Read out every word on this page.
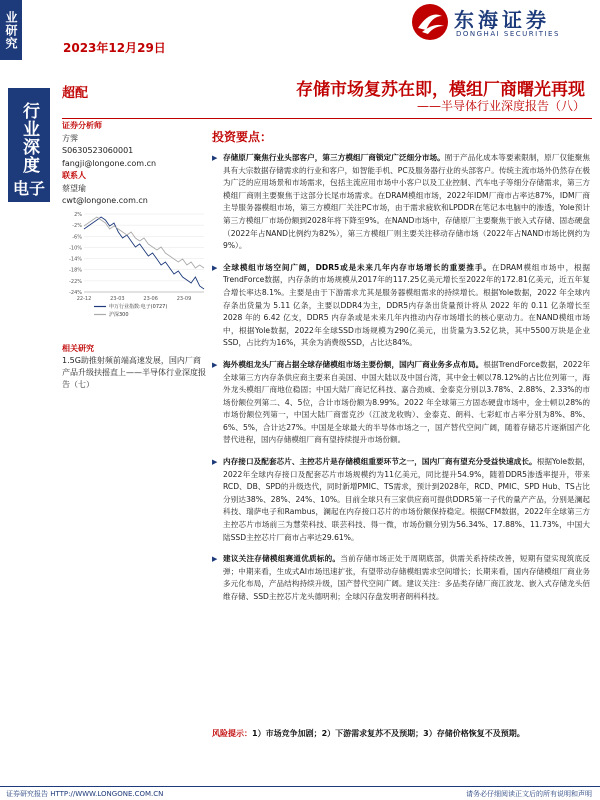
业研究
行业深度
电子
2023年12月29日
东海证券
DONGHAI SECURITIES
超配	存储市场复苏在即，模组厂商曙光再现
——半导体行业深度报告（八）
证券分析师
方霁
S0630523060001
fangji@longone.com.cn
联系人
蔡望瑜
cwt@longone.com.cn
2%
-2%
-6%
-10%
-14%
-18%
-22%
-24%
22-12	23-03	23-06	23-09
申万行业指数:电子(0727)
沪深300
相关研究
1.5G助推射频前端高速发展，国内厂商产品升级扶摇直上——半导体行业深度报告（七）
投资要点：
▶ 存储原厂聚焦行业头部客户，第三方模组厂商锁定广泛细分市场。囿于产品化成本等要素限制，原厂仅能聚焦具有大宗数据存储需求的行业和客户，如智能手机、PC及服务器行业的头部客户。传统主流市场外仍然存在极为广泛的应用场景和市场需求，包括主流应用市场中小客户以及工业控制、汽车电子等细分存储需求，第三方模组厂商则主要聚焦于这部分长尾市场需求。在DRAM模组市场，2022年IDM厂商市占率达87%，IDM厂商主导服务器模组市场，第三方模组厂关注PC市场，由于需求疲软和LPDDR在笔记本电脑中的渗透，Yole预计第三方模组厂市场份额到2028年将下降至9%。在NAND市场中，存储原厂主要聚焦于嵌入式存储、固态硬盘（2022年占NAND比例约为82%），第三方模组厂则主要关注移动存储市场（2022年占NAND市场比例约为9%）。
▶ 全球模组市场空间广阔，DDR5或是未来几年内存市场增长的重要推手。在DRAM模组市场中，根据TrendForce数据，内存条的市场规模从2017年的117.25亿美元增长至2022年的172.81亿美元，近五年复合增长率达8.1%。主要是由于下游需求尤其是服务器模组需求的持续增长。根据Yole数据，2022 年全球内存条出货量为 5.11 亿条，主要以DDR4为主，DDR5内存条出货量预计将从 2022 年的 0.11 亿条增长至 2028 年的 6.42 亿支，DDR5 内存条或是未来几年内推动内存市场增长的核心驱动力。在NAND模组市场中，根据Yole数据，2022年全球SSD市场规模为290亿美元，出货量为3.52亿块，其中5500万块是企业SSD，占比约为16%，其余为消费级SSD，占比达84%。
▶ 海外模组龙头厂商占据全球存储模组市场主要份额，国内厂商业务多点布局。根据TrendForce数据，2022年全球第三方内存条供应商主要来自美国、中国大陆以及中国台湾，其中金士顿以78.12%的占比位列第一，海外龙头模组厂商地位稳固；中国大陆厂商记忆科技、嘉合劲威、金泰克分别以3.78%、2.88%、2.33%的市场份额位列第二、4、5位，合计市场份额为8.99%。2022 年全球第三方固态硬盘市场中，金士顿以28%的市场份额位列第一，中国大陆厂商雷克沙（江波龙收购）、金泰克、朗科、七彩虹市占率分别为8%、8%、6%、5%，合计达27%。中国是全球最大的半导体市场之一，国产替代空间广阔，随着存储芯片逐渐国产化替代进程，国内存储模组厂商有望持续提升市场份额。
▶ 内存接口及配套芯片、主控芯片是存储模组重要环节之一，国内厂商有望充分受益快速成长。根据Yole数据，2022年全球内存接口及配套芯片市场规模约为11亿美元，同比提升54.9%，随着DDR5渗透率提升，带来RCD、DB、SPD的升级迭代，同时新增PMIC、TS需求，预计到2028年，RCD、PMIC、SPD Hub、TS占比分别达38%、28%、24%、10%。目前全球只有三家供应商可提供DDR5第一子代的量产产品，分别是澜起科技、瑞萨电子和Rambus，澜起在内存接口芯片的市场份额保持稳定。根据CFM数据，2022年全球第三方主控芯片市场前三为慧荣科技、联芸科技、得一微，市场份额分别为56.34%、17.88%、11.73%，中国大陆SSD主控芯片厂商市占率达29.61%。
▶ 建议关注存储模组赛道优质标的。当前存储市场正处于周期底部，供需关系持续改善，短期有望实现筑底反弹；中期来看，生成式AI市场迅速扩张，有望带动存储模组需求空间增长；长期来看，国内存储模组厂商业务多元化布局，产品结构持续升级，国产替代空间广阔。建议关注：多品类存储厂商江波龙、嵌入式存储龙头佰维存储、SSD主控芯片龙头德明利；全球闪存盘发明者朗科科技。
风险提示：1）市场竞争加剧；2）下游需求复苏不及预期；3）存储价格恢复不及预期。
证券研究报告 HTTP://WWW.LONGONE.COM.CN	请务必仔细阅读正文后的所有说明和声明
